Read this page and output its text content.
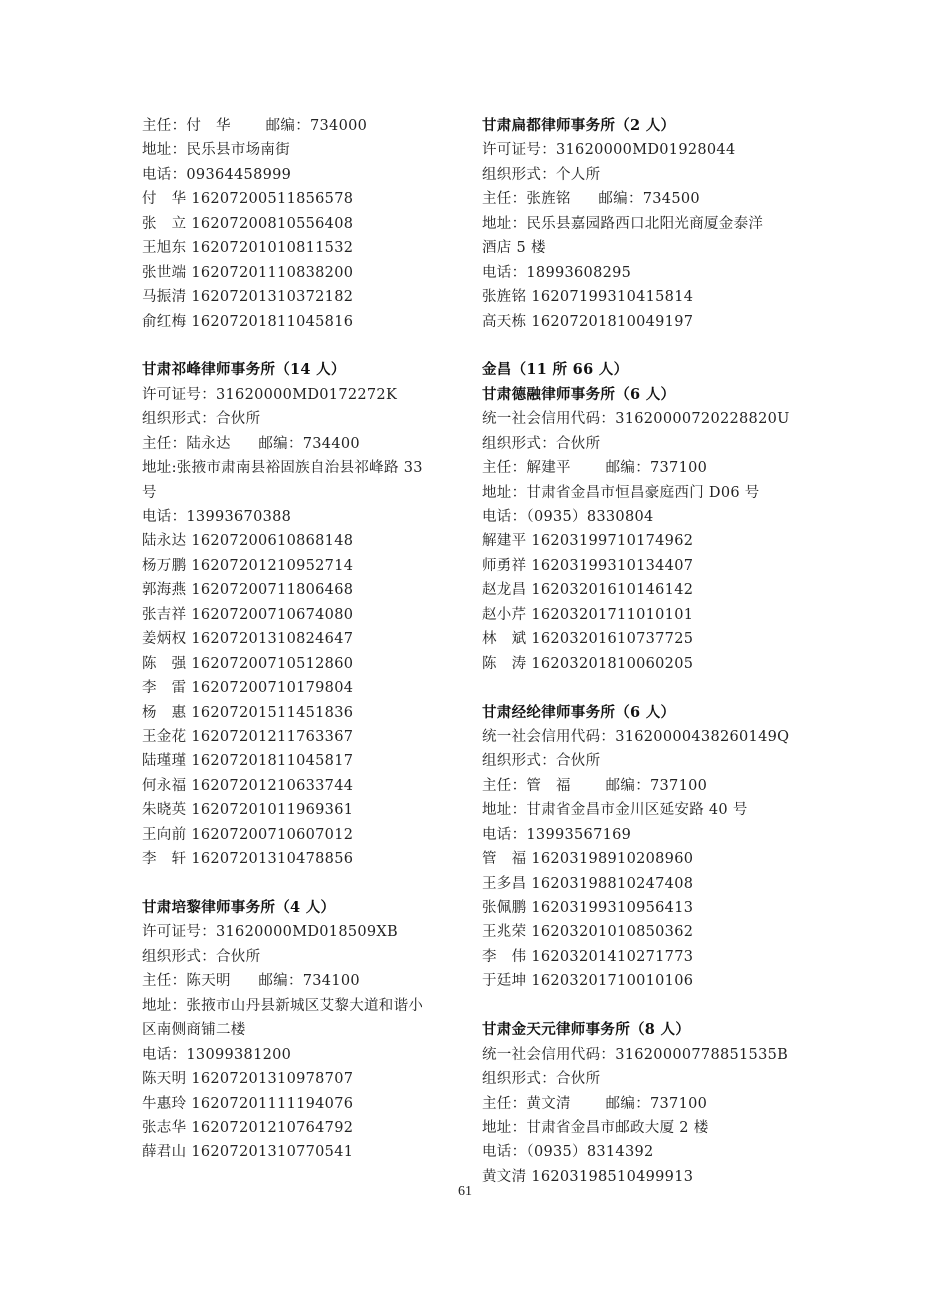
主任：付　华 邮编：734000
地址：民乐县市场南街
电话：09364458999
付　华 16207200511856578
张　立 16207200810556408
王旭东 16207201010811532
张世端 16207201110838200
马振清 16207201310372182
俞红梅 16207201811045816
甘肃祁峰律师事务所（14 人）
许可证号：31620000MD0172272K
组织形式：合伙所
主任：陆永达 邮编：734400
地址:张掖市肃南县裕固族自治县祁峰路 33
号
电话：13993670388
陆永达 16207200610868148
杨万鹏 16207201210952714
郭海燕 16207200711806468
张吉祥 16207200710674080
姜炳权 16207201310824647
陈　强 16207200710512860
李　雷 16207200710179804
杨　惠 16207201511451836
王金花 16207201211763367
陆瑾瑾 16207201811045817
何永福 16207201210633744
朱晓英 16207201011969361
王向前 16207200710607012
李　轩 16207201310478856
甘肃培黎律师事务所（4 人）
许可证号：31620000MD018509XB
组织形式：合伙所
主任：陈天明 邮编：734100
地址：张掖市山丹县新城区艾黎大道和谐小
区南侧商铺二楼
电话：13099381200
陈天明 16207201310978707
牛惠玲 16207201111194076
张志华 16207201210764792
薛君山 16207201310770541
甘肃扁都律师事务所（2 人）
许可证号：31620000MD01928044
组织形式：个人所
主任：张旌铭 邮编：734500
地址：民乐县嘉园路西口北阳光商厦金泰洋
酒店 5 楼
电话：18993608295
张旌铭 16207199310415814
高天栋 16207201810049197
金昌（11 所 66 人）
甘肃德融律师事务所（6 人）
统一社会信用代码：31620000720228820U
组织形式：合伙所
主任：解建平 邮编：737100
地址：甘肃省金昌市恒昌豪庭西门 D06 号
电话：（0935）8330804
解建平 16203199710174962
师勇祥 16203199310134407
赵龙昌 16203201610146142
赵小芹 16203201711010101
林　斌 16203201610737725
陈　涛 16203201810060205
甘肃经纶律师事务所（6 人）
统一社会信用代码：31620000438260149Q
组织形式：合伙所
主任：管　福 邮编：737100
地址：甘肃省金昌市金川区延安路 40 号
电话：13993567169
管　福 16203198910208960
王多昌 16203198810247408
张佩鹏 16203199310956413
王兆荣 16203201010850362
李　伟 16203201410271773
于廷坤 16203201710010106
甘肃金天元律师事务所（8 人）
统一社会信用代码：31620000778851535B
组织形式：合伙所
主任：黄文清 邮编：737100
地址：甘肃省金昌市邮政大厦 2 楼
电话：（0935）8314392
黄文清 16203198510499913
61
